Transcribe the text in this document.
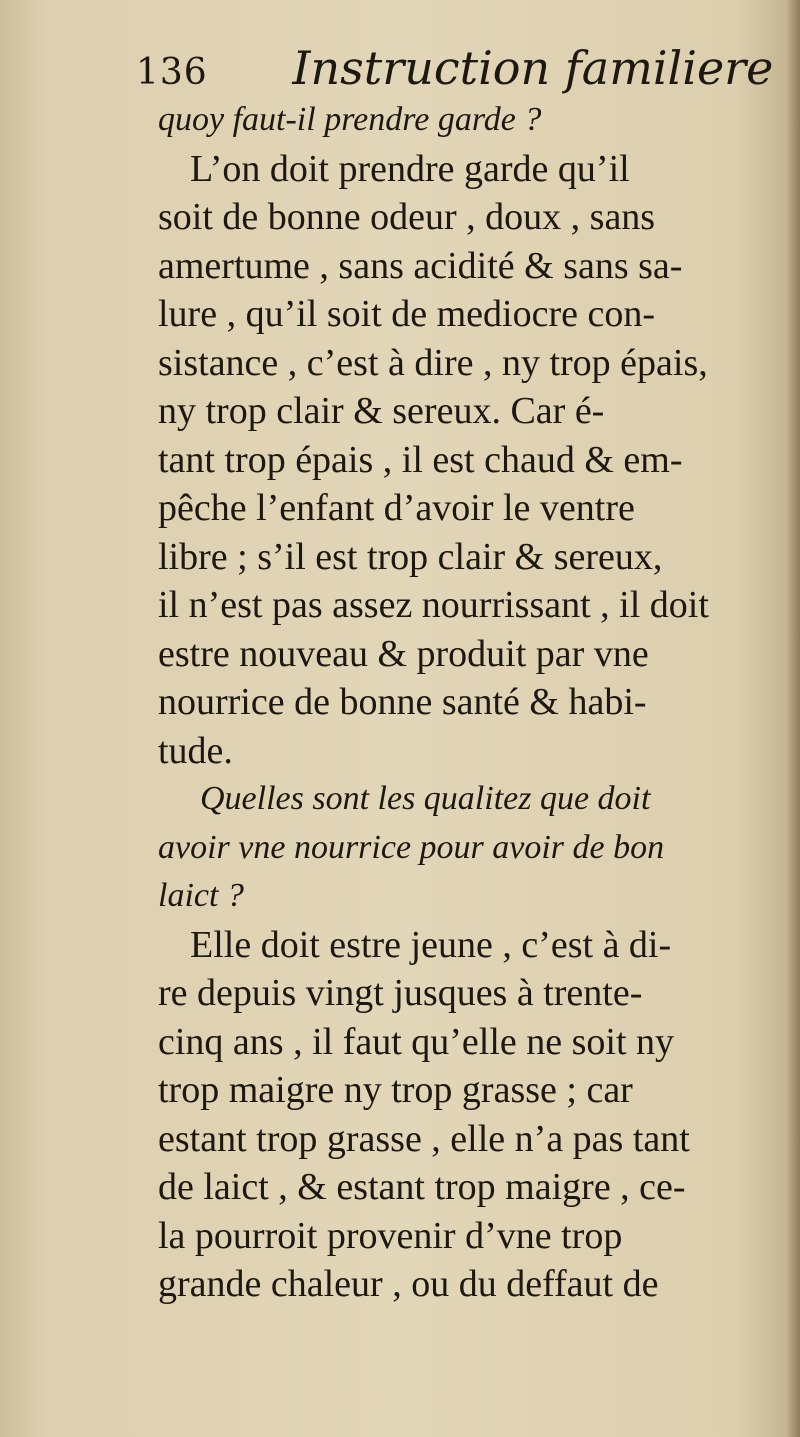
136 Instruction familiere
quoy faut-il prendre garde ?
L’on doit prendre garde qu’il
soit de bonne odeur , doux , sans
amertume , sans acidité & sans sa-
lure , qu’il soit de mediocre con-
sistance , c’est à dire , ny trop épais,
ny trop clair & sereux. Car é-
tant trop épais , il est chaud & em-
pêche l’enfant d’avoir le ventre
libre ; s’il est trop clair & sereux,
il n’est pas assez nourrissant , il doit
estre nouveau & produit par vne
nourrice de bonne santé & habi-
tude.
Quelles sont les qualitez que doit
avoir vne nourrice pour avoir de bon
laict ?
Elle doit estre jeune , c’est à di-
re depuis vingt jusques à trente-
cinq ans , il faut qu’elle ne soit ny
trop maigre ny trop grasse ; car
estant trop grasse , elle n’a pas tant
de laict , & estant trop maigre , ce-
la pourroit provenir d’vne trop
grande chaleur , ou du deffaut de
